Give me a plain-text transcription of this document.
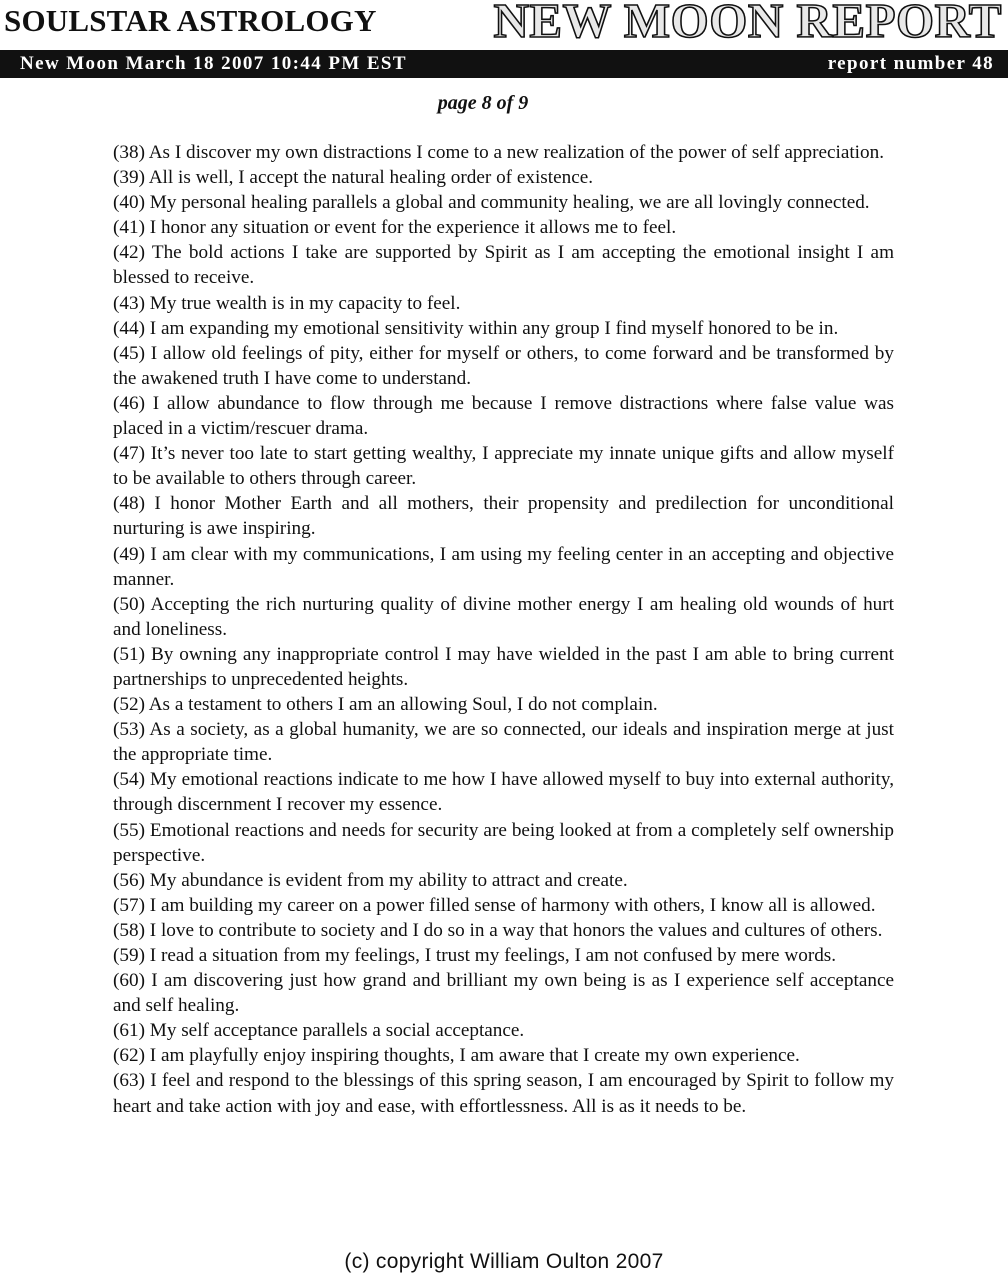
SOULSTAR ASTROLOGY NEW MOON REPORT
New Moon March 18 2007 10:44 PM EST	report number 48
page 8 of 9
(38) As I discover my own distractions I come to a new realization of the power of self appreciation.
(39) All is well, I accept the natural healing order of existence.
(40) My personal healing parallels a global and community healing, we are all lovingly connected.
(41) I honor any situation or event for the experience it allows me to feel.
(42) The bold actions I take are supported by Spirit as I am accepting the emotional insight I am blessed to receive.
(43) My true wealth is in my capacity to feel.
(44) I am expanding my emotional sensitivity within any group I find myself honored to be in.
(45) I allow old feelings of pity, either for myself or others, to come forward and be transformed by the awakened truth I have come to understand.
(46) I allow abundance to flow through me because I remove distractions where false value was placed in a victim/rescuer drama.
(47) It’s never too late to start getting wealthy, I appreciate my innate unique gifts and allow myself to be available to others through career.
(48) I honor Mother Earth and all mothers, their propensity and predilection for unconditional nurturing is awe inspiring.
(49) I am clear with my communications, I am using my feeling center in an accepting and objective manner.
(50) Accepting the rich nurturing quality of divine mother energy I am healing old wounds of hurt and loneliness.
(51) By owning any inappropriate control I may have wielded in the past I am able to bring current partnerships to unprecedented heights.
(52) As a testament to others I am an allowing Soul, I do not complain.
(53) As a society, as a global humanity, we are so connected, our ideals and inspiration merge at just the appropriate time.
(54) My emotional reactions indicate to me how I have allowed myself to buy into external authority, through discernment I recover my essence.
(55) Emotional reactions and needs for security are being looked at from a completely self ownership perspective.
(56) My abundance is evident from my ability to attract and create.
(57) I am building my career on a power filled sense of harmony with others, I know all is allowed.
(58) I love to contribute to society and I do so in a way that honors the values and cultures of others.
(59) I read a situation from my feelings, I trust my feelings, I am not confused by mere words.
(60) I am discovering just how grand and brilliant my own being is as I experience self acceptance and self healing.
(61) My self acceptance parallels a social acceptance.
(62) I am playfully enjoy inspiring thoughts, I am aware that I create my own experience.
(63) I feel and respond to the blessings of this spring season, I am encouraged by Spirit to follow my heart and take action with joy and ease, with effortlessness. All is as it needs to be.
(c) copyright William Oulton 2007
